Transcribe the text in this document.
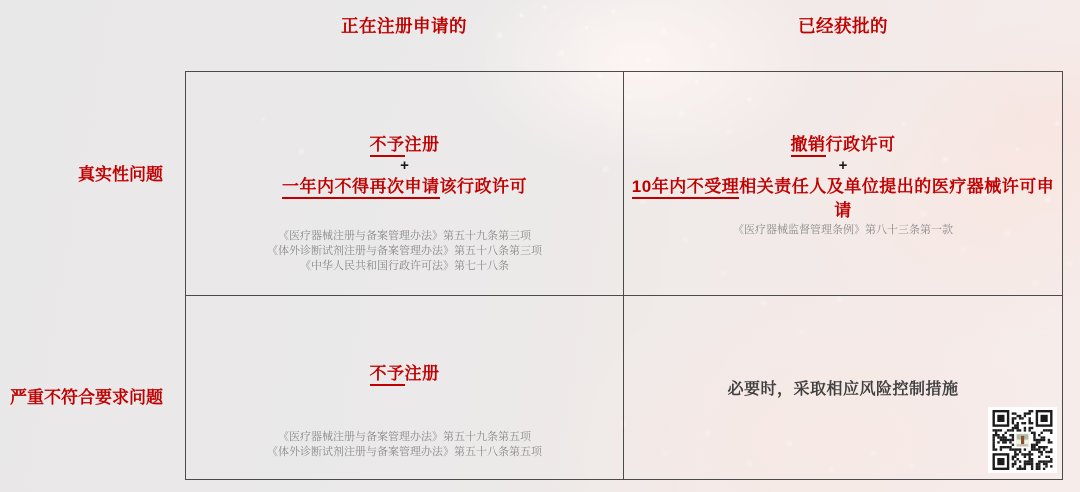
正在注册申请的	已经获批的
真实性问题
严重不符合要求问题
不予注册
+
一年内不得再次申请该行政许可
《医疗器械注册与备案管理办法》第五十九条第三项
《体外诊断试剂注册与备案管理办法》第五十八条第三项
《中华人民共和国行政许可法》第七十八条
撤销行政许可
+
10年内不受理相关责任人及单位提出的医疗器械许可申请
《医疗器械监督管理条例》第八十三条第一款
不予注册
《医疗器械注册与备案管理办法》第五十九条第五项
《体外诊断试剂注册与备案管理办法》第五十八条第五项
必要时，采取相应风险控制措施
